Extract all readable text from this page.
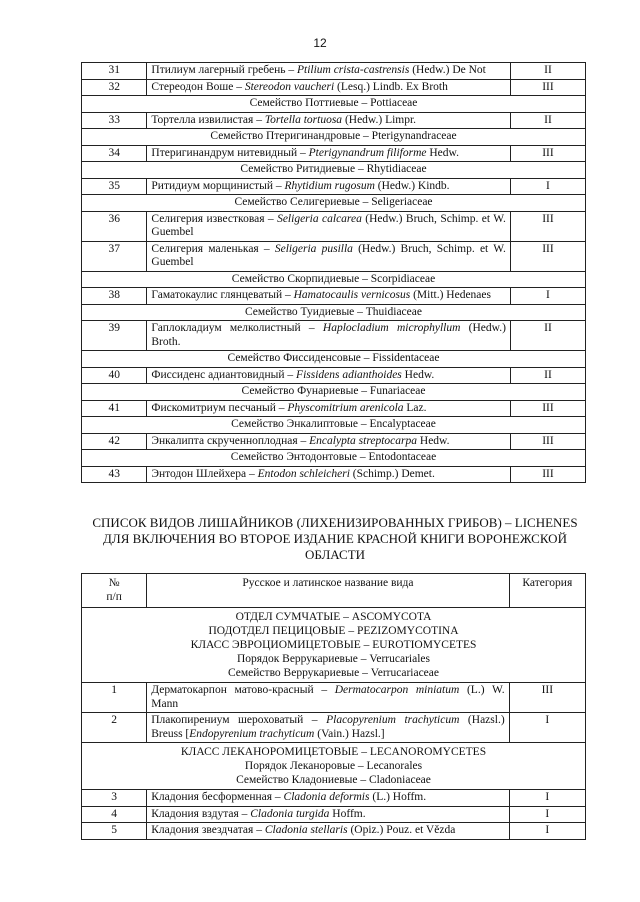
12
31	Птилиум лагерный гребень – Ptilium crista-castrensis (Hedw.) De Not	II
32	Стереодон Воше – Stereodon vaucheri (Lesq.) Lindb. Ex Broth	III
Семейство Поттиевые – Pottiaceae		
33	Тортелла извилистая – Tortella tortuosa (Hedw.) Limpr.	II
Семейство Птеригинандровые – Pterigynandraceae		
34	Птеригинандрум нитевидный – Pterigynandrum filiforme Hedw.	III
Семейство Ритидиевые – Rhytidiaceae		
35	Ритидиум морщинистый – Rhytidium rugosum (Hedw.) Kindb.	I
Семейство Селигериевые – Seligeriaceae		
36	Селигерия известковая – Seligeria calcarea (Hedw.) Bruch, Schimp. et W. Guembel	III
37	Селигерия маленькая – Seligeria pusilla (Hedw.) Bruch, Schimp. et W. Guembel	III
Семейство Скорпидиевые – Scorpidiaceae		
38	Гаматокаулис глянцеватый – Hamatocaulis vernicosus (Mitt.) Hedenaes	I
Семейство Туидиевые – Thuidiaceae		
39	Гаплокладиум мелколистный – Haplocladium microphyllum (Hedw.) Broth.	II
Семейство Фиссиденсовые – Fissidentaceae		
40	Фиссиденс адиантовидный – Fissidens adianthoides Hedw.	II
Семейство Фунариевые – Funariaceae		
41	Фискомитриум песчаный – Physcomitrium arenicola Laz.	III
Семейство Энкалиптовые – Encalyptaceae		
42	Энкалипта скрученноплодная – Encalypta streptocarpa Hedw.	III
Семейство Энтодонтовые – Entodontaceae		
43	Энтодон Шлейхера – Entodon schleicheri (Schimp.) Demet.	III
СПИСОК ВИДОВ ЛИШАЙНИКОВ (ЛИХЕНИЗИРОВАННЫХ ГРИБОВ) – LICHENES
ДЛЯ ВКЛЮЧЕНИЯ ВО ВТОРОЕ ИЗДАНИЕ КРАСНОЙ КНИГИ ВОРОНЕЖСКОЙ
ОБЛАСТИ
№
п/п	Русское и латинское название вида	Категория

ОТДЕЛ СУМЧАТЫЕ – ASCOMYCOTA
ПОДОТДЕЛ ПЕЦИЦОВЫЕ – PEZIZOMYCOTINA
КЛАСС ЭВРОЦИОМИЦЕТОВЫЕ – EUROTIOMYCETES
Порядок Веррукариевые – Verrucariales
Семейство Веррукариевые – Verrucariaceae		

1	Дерматокарпон матово-красный – Dermatocarpon miniatum (L.) W. Mann	III
2	Плакопирениум шероховатый – Placopyrenium trachyticum (Hazsl.) Breuss [Endopyrenium trachyticum (Vain.) Hazsl.]	I

КЛАСС ЛЕКАНОРОМИЦЕТОВЫЕ – LECANOROMYCETES
Порядок Леканоровые – Lecanorales
Семейство Кладониевые – Cladoniaceae		

3	Кладония бесформенная – Cladonia deformis (L.) Hoffm.	I
4	Кладония вздутая – Cladonia turgida Hoffm.	I
5	Кладония звездчатая – Cladonia stellaris (Opiz.) Pouz. et Vězda	I
